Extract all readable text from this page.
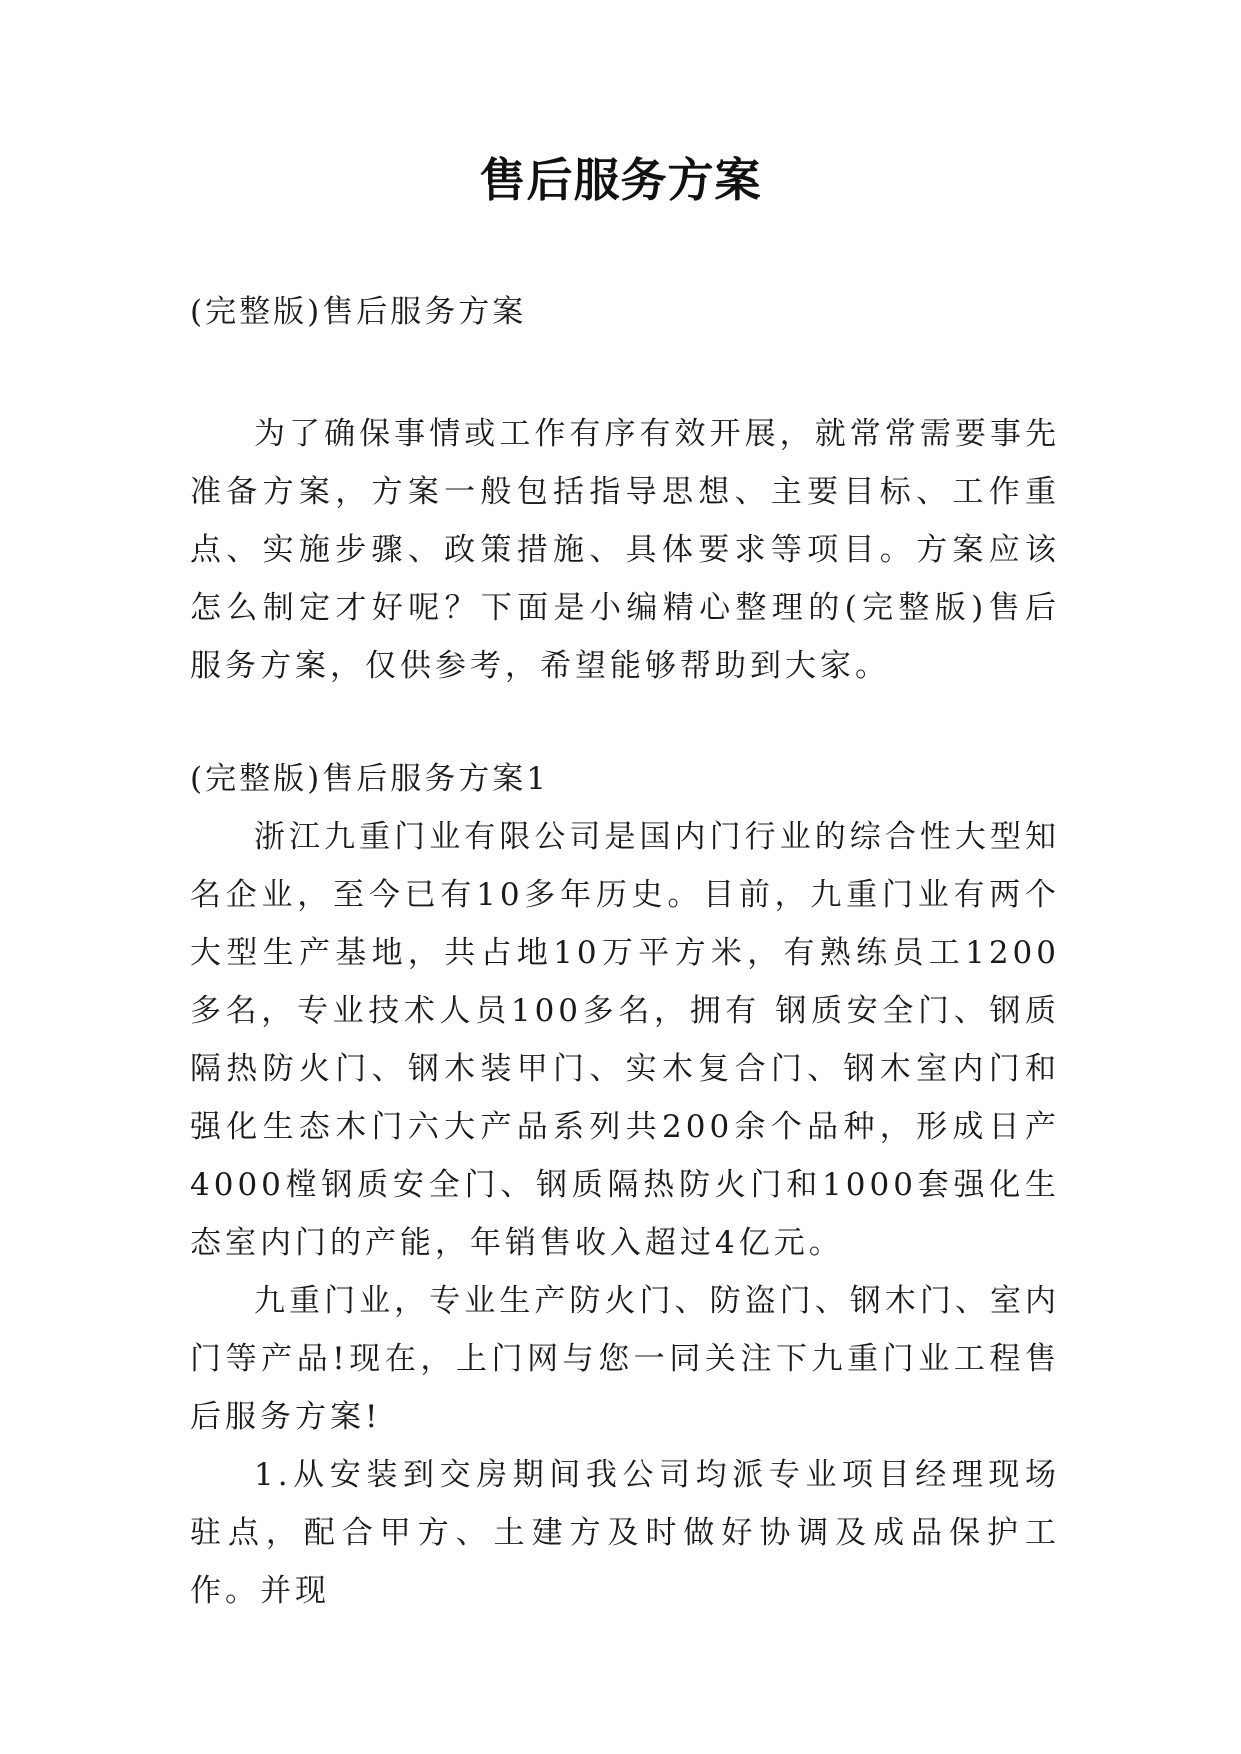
售后服务方案
(完整版)售后服务方案

为了确保事情或工作有序有效开展，就常常需要事先准备方案，方案一般包括指导思想、主要目标、工作重点、实施步骤、政策措施、具体要求等项目。方案应该怎么制定才好呢？下面是小编精心整理的(完整版)售后服务方案，仅供参考，希望能够帮助到大家。

(完整版)售后服务方案1

浙江九重门业有限公司是国内门行业的综合性大型知名企业，至今已有10多年历史。目前，九重门业有两个大型生产基地，共占地10万平方米，有熟练员工1200多名，专业技术人员100多名，拥有 钢质安全门、钢质隔热防火门、钢木装甲门、实木复合门、钢木室内门和强化生态木门六大产品系列共200余个品种，形成日产4000樘钢质安全门、钢质隔热防火门和1000套强化生态室内门的产能，年销售收入超过4亿元。

九重门业，专业生产防火门、防盗门、钢木门、室内门等产品!现在，上门网与您一同关注下九重门业工程售后服务方案!

1.从安装到交房期间我公司均派专业项目经理现场驻点，配合甲方、土建方及时做好协调及成品保护工作。并现
